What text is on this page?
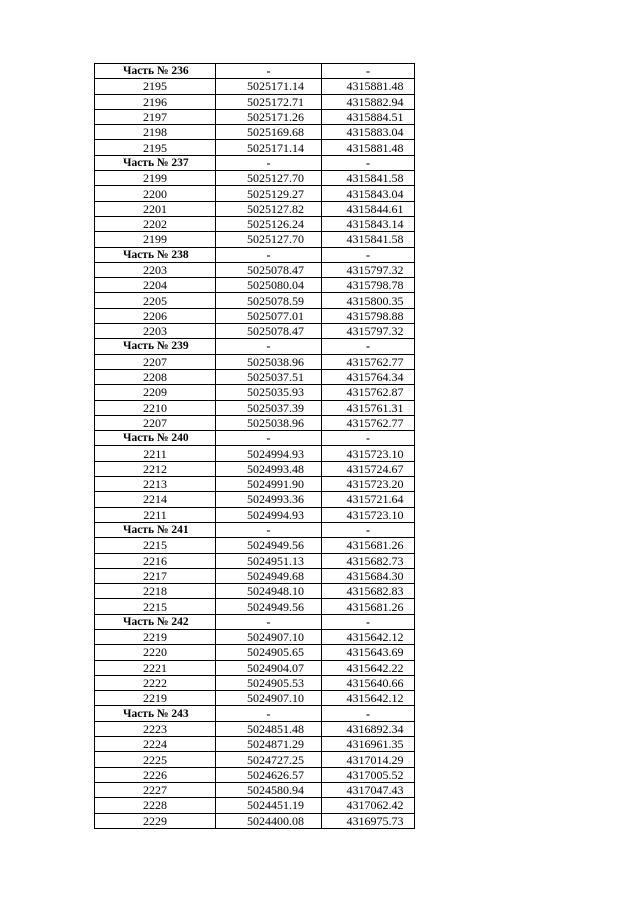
Часть № 236	-	-
2195	5025171.14	4315881.48
2196	5025172.71	4315882.94
2197	5025171.26	4315884.51
2198	5025169.68	4315883.04
2195	5025171.14	4315881.48
Часть № 237	-	-
2199	5025127.70	4315841.58
2200	5025129.27	4315843.04
2201	5025127.82	4315844.61
2202	5025126.24	4315843.14
2199	5025127.70	4315841.58
Часть № 238	-	-
2203	5025078.47	4315797.32
2204	5025080.04	4315798.78
2205	5025078.59	4315800.35
2206	5025077.01	4315798.88
2203	5025078.47	4315797.32
Часть № 239	-	-
2207	5025038.96	4315762.77
2208	5025037.51	4315764.34
2209	5025035.93	4315762.87
2210	5025037.39	4315761.31
2207	5025038.96	4315762.77
Часть № 240	-	-
2211	5024994.93	4315723.10
2212	5024993.48	4315724.67
2213	5024991.90	4315723.20
2214	5024993.36	4315721.64
2211	5024994.93	4315723.10
Часть № 241	-	-
2215	5024949.56	4315681.26
2216	5024951.13	4315682.73
2217	5024949.68	4315684.30
2218	5024948.10	4315682.83
2215	5024949.56	4315681.26
Часть № 242	-	-
2219	5024907.10	4315642.12
2220	5024905.65	4315643.69
2221	5024904.07	4315642.22
2222	5024905.53	4315640.66
2219	5024907.10	4315642.12
Часть № 243	-	-
2223	5024851.48	4316892.34
2224	5024871.29	4316961.35
2225	5024727.25	4317014.29
2226	5024626.57	4317005.52
2227	5024580.94	4317047.43
2228	5024451.19	4317062.42
2229	5024400.08	4316975.73
